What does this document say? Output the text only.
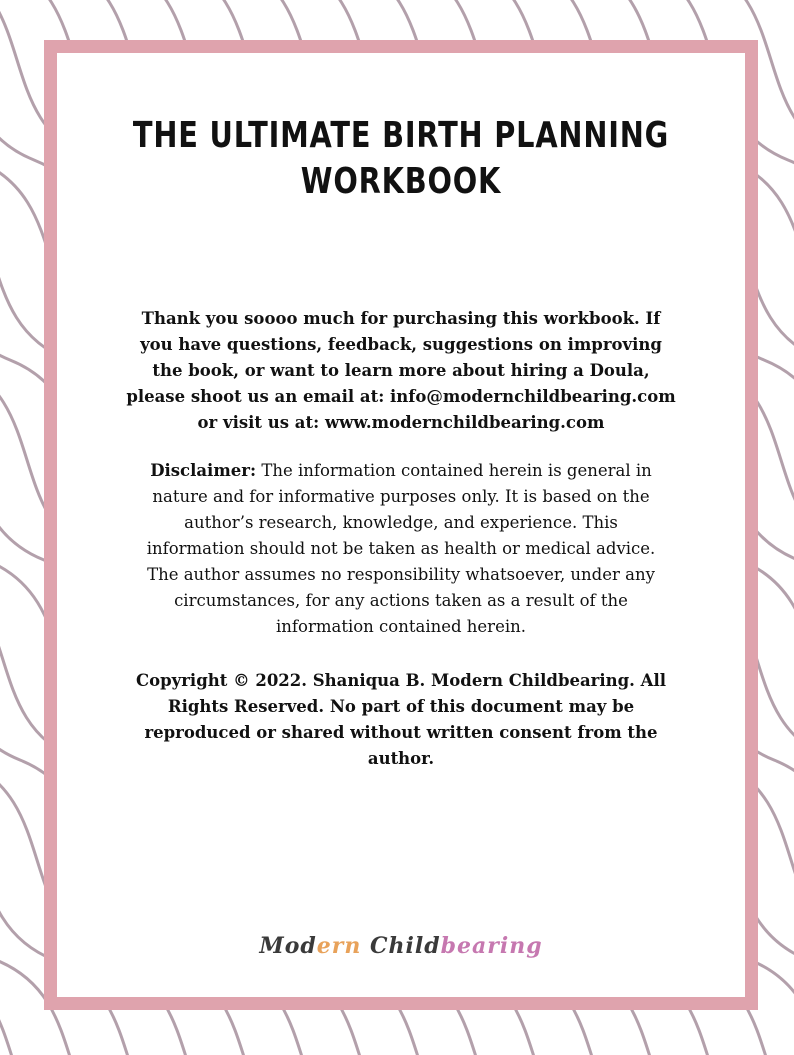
THE ULTIMATE BIRTH PLANNING
WORKBOOK

Thank you soooo much for purchasing this workbook. If
you have questions, feedback, suggestions on improving
the book, or want to learn more about hiring a Doula,
please shoot us an email at: info@modernchildbearing.com
or visit us at: www.modernchildbearing.com

Disclaimer: The information contained herein is general in
nature and for informative purposes only. It is based on the
author’s research, knowledge, and experience. This
information should not be taken as health or medical advice.
The author assumes no responsibility whatsoever, under any
circumstances, for any actions taken as a result of the
information contained herein.

Copyright © 2022. Shaniqua B. Modern Childbearing. All
Rights Reserved. No part of this document may be
reproduced or shared without written consent from the
author.

Modern Childbearing
